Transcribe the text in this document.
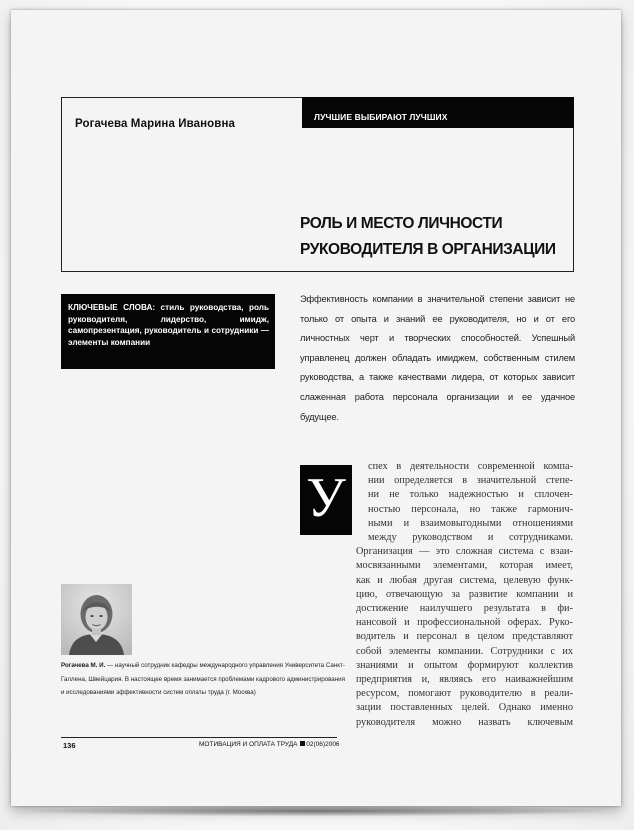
Рогачева Марина Ивановна
ЛУЧШИЕ ВЫБИРАЮТ ЛУЧШИХ
РОЛЬ И МЕСТО ЛИЧНОСТИ
РУКОВОДИТЕЛЯ В ОРГАНИЗАЦИИ
КЛЮЧЕВЫЕ СЛОВА: стиль руководства, роль руководителя, лидерство, имидж, самопрезентация, руководитель и сотрудники — элементы компании
Эффективность компании в значительной степени зависит не только от опыта и знаний ее руководителя, но и от его личностных черт и творческих способностей. Успешный управленец должен обладать имиджем, собственным стилем руководства, а также качествами лидера, от которых зависит слаженная работа персонала организации и ее удачное будущее.
У
спех в деятельности современной компа-
нии определяется в значительной степе-
ни не только надежностью и сплочен-
ностью персонала, но также гармонич-
ными и взаимовыгодными отношениями
между руководством и сотрудниками.
Организация — это сложная система с взаи-
мосвязанными элементами, которая имеет,
как и любая другая система, целевую функ-
цию, отвечающую за развитие компании и
достижение наилучшего результата в фи-
нансовой и профессиональной оферах. Руко-
водитель и персонал в целом представляют
собой элементы компании. Сотрудники с их
знаниями и опытом формируют коллектив
предприятия и, являясь его наиважнейшим
ресурсом, помогают руководителю в реали-
зации поставленных целей. Однако именно
руководителя можно назвать ключевым
Рогачева М. И. — научный сотрудник кафедры международного управления Университета Санкт-Галлена, Швейцария. В настоящее время занимается проблемами кадрового администрирования и исследованиями эффективности систем оплаты труда (г. Москва)
136	МОТИВАЦИЯ И ОПЛАТА ТРУДА 02(06)2006
